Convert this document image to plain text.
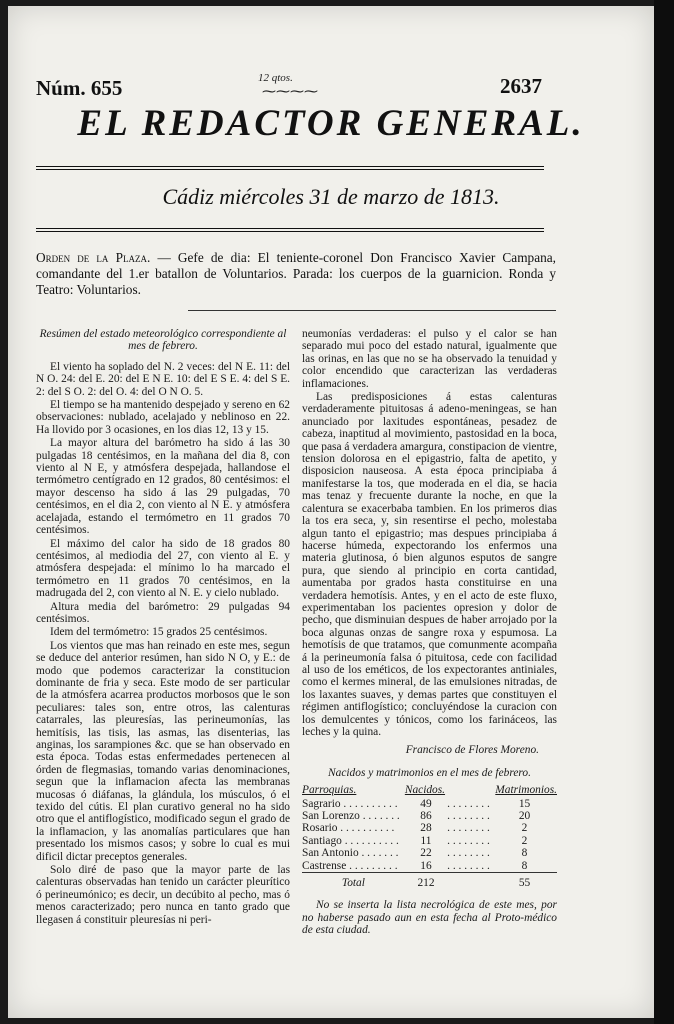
Núm. 655	12 qtos.
⁓⁓⁓⁓	2637
EL REDACTOR GENERAL.
Cádiz miércoles 31 de marzo de 1813.
Orden de la Plaza. — Gefe de dia: El teniente-coronel Don Francisco Xavier Campana, comandante del 1.er batallon de Voluntarios. Parada: los cuerpos de la guarnicion. Ronda y Teatro: Voluntarios.

Resúmen del estado meteorológico correspondiente al mes de febrero.

El viento ha soplado del N. 2 veces: del N E. 11: del N O. 24: del E. 20: del E N E. 10: del E S E. 4: del S E. 2: del S O. 2: del O. 4: del O N O. 5.

El tiempo se ha mantenido despejado y sereno en 62 observaciones: nublado, acelajado y neblinoso en 22. Ha llovido por 3 ocasiones, en los dias 12, 13 y 15.

La mayor altura del barómetro ha sido á las 30 pulgadas 18 centésimos, en la mañana del dia 8, con viento al N E, y atmósfera despejada, hallandose el termómetro centígrado en 12 grados, 80 centésimos: el mayor descenso ha sido á las 29 pulgadas, 70 centésimos, en el dia 2, con viento al N E. y atmósfera acelajada, estando el termómetro en 11 grados 70 centésimos.

El máximo del calor ha sido de 18 grados 80 centésimos, al mediodia del 27, con viento al E. y atmósfera despejada: el mínimo lo ha marcado el termómetro en 11 grados 70 centésimos, en la madrugada del 2, con viento al N. E. y cielo nublado.

Altura media del barómetro: 29 pulgadas 94 centésimos.

Idem del termómetro: 15 grados 25 centésimos.

Los vientos que mas han reinado en este mes, segun se deduce del anterior resúmen, han sido N O, y E.: de modo que podemos caracterizar la constitucion dominante de fria y seca. Este modo de ser particular de la atmósfera acarrea productos morbosos que le son peculiares: tales son, entre otros, las calenturas catarrales, las pleuresías, las perineumonías, las hemitísis, las tisis, las asmas, las disenterias, las anginas, los sarampiones &c. que se han observado en esta época. Todas estas enfermedades pertenecen al órden de flegmasias, tomando varias denominaciones, segun que la inflamacion afecta las membranas mucosas ó diáfanas, la glándula, los músculos, ó el texido del cútis. El plan curativo general no ha sido otro que el antiflogístico, modificado segun el grado de la inflamacion, y las anomalías particulares que han presentado los mismos casos; y sobre lo cual es mui dificil dictar preceptos generales.

Solo diré de paso que la mayor parte de las calenturas observadas han tenido un carácter pleurítico ó perineumónico; es decir, un decúbito al pecho, mas ó menos caracterizado; pero nunca en tanto grado que llegasen á constituir pleuresías ni peri-

neumonías verdaderas: el pulso y el calor se han separado mui poco del estado natural, igualmente que las orinas, en las que no se ha observado la tenuidad y color encendido que caracterizan las verdaderas inflamaciones.

Las predisposiciones á estas calenturas verdaderamente pituitosas á adeno-meningeas, se han anunciado por laxitudes espontáneas, pesadez de cabeza, inaptitud al movimiento, pastosidad en la boca, que pasa á verdadera amargura, constipacion de vientre, tension dolorosa en el epigastrio, falta de apetito, y disposicion nauseosa. A esta época principiaba á manifestarse la tos, que moderada en el dia, se hacia mas tenaz y frecuente durante la noche, en que la calentura se exacerbaba tambien. En los primeros dias la tos era seca, y, sin resentirse el pecho, molestaba algun tanto el epigastrio; mas despues principiaba á hacerse húmeda, expectorando los enfermos una materia glutinosa, ó bien algunos esputos de sangre pura, que siendo al principio en corta cantidad, aumentaba por grados hasta constituirse en una verdadera hemotísis. Antes, y en el acto de este fluxo, experimentaban los pacientes opresion y dolor de pecho, que disminuian despues de haber arrojado por la boca algunas onzas de sangre roxa y espumosa. La hemotísis de que tratamos, que comunmente acompaña á la perineumonía falsa ó pituitosa, cede con facilidad al uso de los eméticos, de los expectorantes antiniales, como el kermes mineral, de las emulsiones nitradas, de los laxantes suaves, y demas partes que constituyen el régimen antiflogístico; concluyéndose la curacion con los demulcentes y tónicos, como los farináceos, las leches y la quina.

Francisco de Flores Moreno.

Nacidos y matrimonios en el mes de febrero.

Parroquias.	Nacidos.		Matrimonios.
Sagrario . . . . . . . . . .	49	. . . . . . . .	15
San Lorenzo . . . . . . .	86	. . . . . . . .	20
Rosario . . . . . . . . . .	28	. . . . . . . .	2
Santiago . . . . . . . . . .	11	. . . . . . . .	2
San Antonio . . . . . . .	22	. . . . . . . .	8
Castrense . . . . . . . . .	16	. . . . . . . .	8
Total	212		55

No se inserta la lista necrológica de este mes, por no haberse pasado aun en esta fecha al Proto-médico de esta ciudad.
